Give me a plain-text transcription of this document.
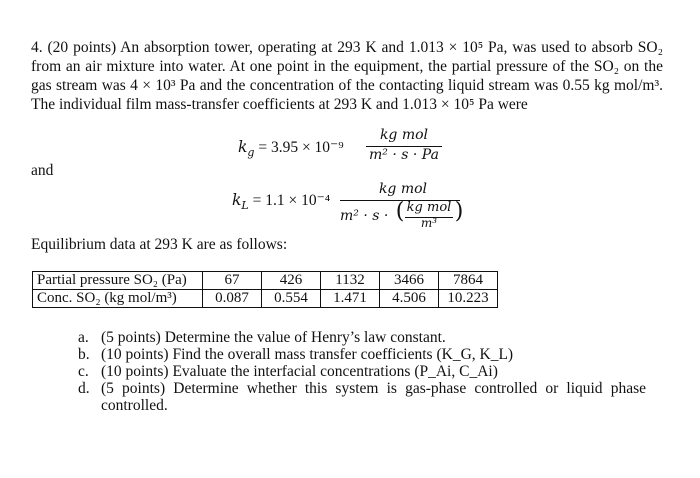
4. (20 points) An absorption tower, operating at 293 K and 1.013 × 10⁵ Pa, was used to absorb SO₂ from an air mixture into water. At one point in the equipment, the partial pressure of the SO₂ on the gas stream was 4 × 10³ Pa and the concentration of the contacting liquid stream was 0.55 kg mol/m³. The individual film mass-transfer coefficients at 293 K and 1.013 × 10⁵ Pa were
$k_g = 3.95 \times 10^{-9}$
kg mol
m² · s · Pa
and
$k_L = 1.1 \times 10^{-4}$
kg mol
m² · s · ( kg mol
m³ )
Equilibrium data at 293 K are as follows:
Partial pressure SO₂ (Pa)	67	426	1132	3466	7864
Conc. SO₂ (kg mol/m³)	0.087	0.554	1.471	4.506	10.223
a. (5 points) Determine the value of Henry’s law constant.
b. (10 points) Find the overall mass transfer coefficients (K_G, K_L)
c. (10 points) Evaluate the interfacial concentrations (P_Ai, C_Ai)
d. (5 points) Determine whether this system is gas-phase controlled or liquid phase controlled.
